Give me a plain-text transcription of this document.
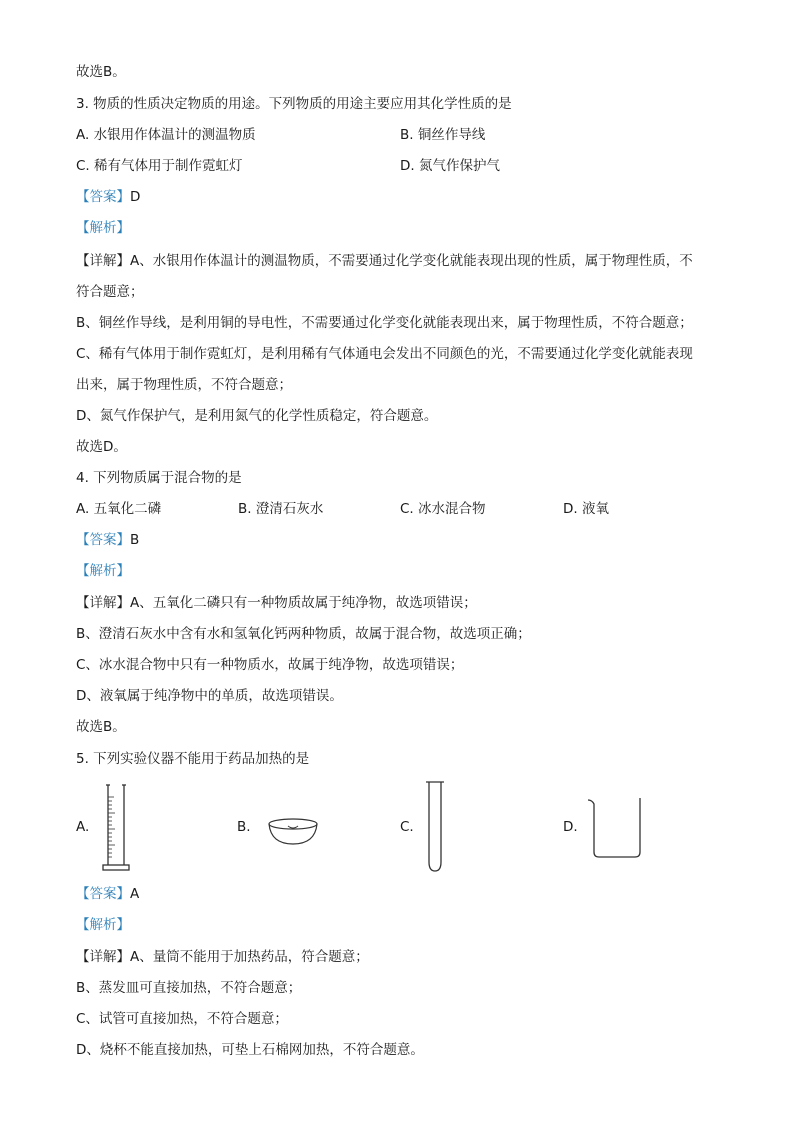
故选B。
3. 物质的性质决定物质的用途。下列物质的用途主要应用其化学性质的是
A. 水银用作体温计的测温物质	B. 铜丝作导线
C. 稀有气体用于制作霓虹灯	D. 氮气作保护气
【答案】D
【解析】
【详解】A、水银用作体温计的测温物质，不需要通过化学变化就能表现出现的性质，属于物理性质，不
符合题意；
B、铜丝作导线，是利用铜的导电性，不需要通过化学变化就能表现出来，属于物理性质，不符合题意；
C、稀有气体用于制作霓虹灯，是利用稀有气体通电会发出不同颜色的光，不需要通过化学变化就能表现
出来，属于物理性质，不符合题意；
D、氮气作保护气，是利用氮气的化学性质稳定，符合题意。
故选D。
4. 下列物质属于混合物的是
A. 五氧化二磷	B. 澄清石灰水	C. 冰水混合物	D. 液氧
【答案】B
【解析】
【详解】A、五氧化二磷只有一种物质故属于纯净物，故选项错误；
B、澄清石灰水中含有水和氢氧化钙两种物质，故属于混合物，故选项正确；
C、冰水混合物中只有一种物质水，故属于纯净物，故选项错误；
D、液氧属于纯净物中的单质，故选项错误。
故选B。
5. 下列实验仪器不能用于药品加热的是
A.	B.	C.	D.
【答案】A
【解析】
【详解】A、量筒不能用于加热药品，符合题意；
B、蒸发皿可直接加热，不符合题意；
C、试管可直接加热，不符合题意；
D、烧杯不能直接加热，可垫上石棉网加热，不符合题意。
